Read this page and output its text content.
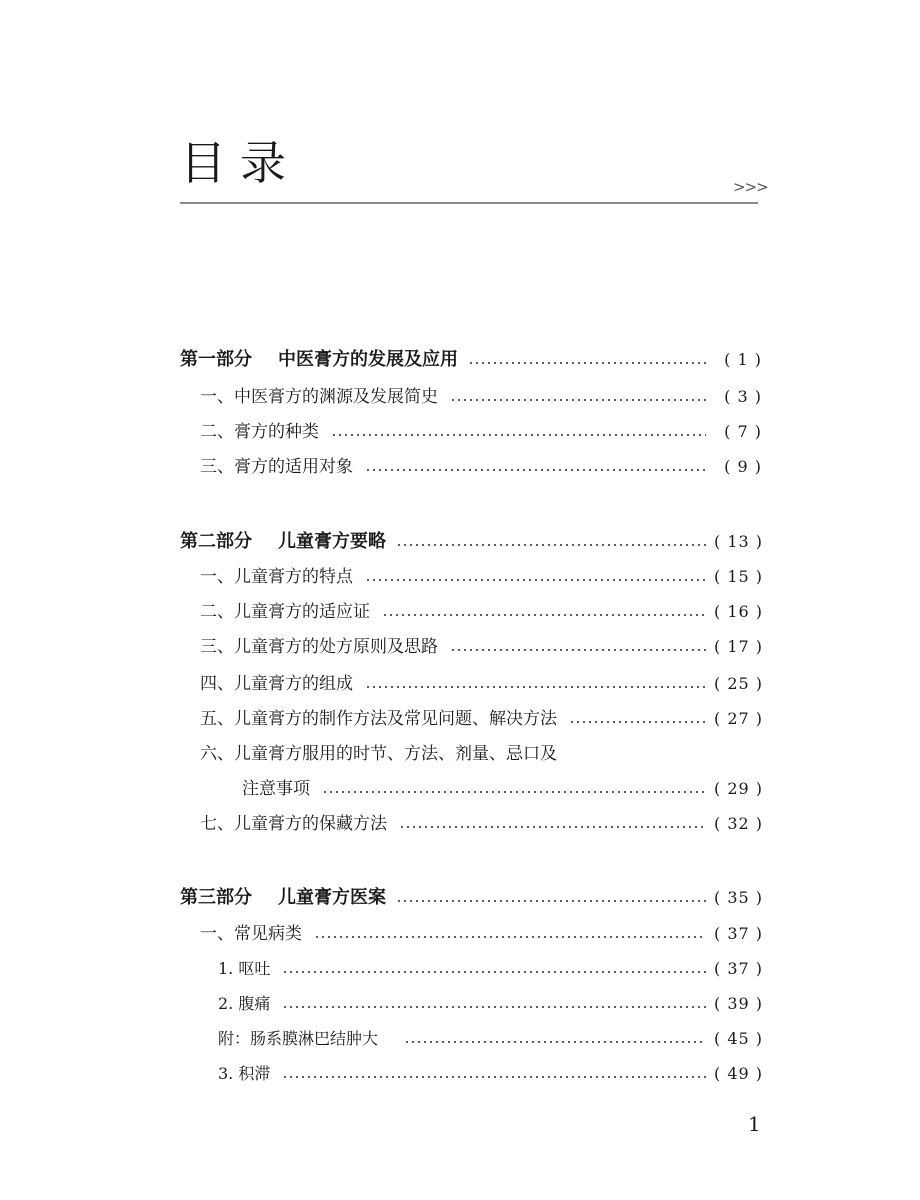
目录	>>>
第一部分 中医膏方的发展及应用	( 1 )
一、中医膏方的渊源及发展简史	( 3 )
二、膏方的种类	( 7 )
三、膏方的适用对象	( 9 )
第二部分 儿童膏方要略	( 13 )
一、儿童膏方的特点	( 15 )
二、儿童膏方的适应证	( 16 )
三、儿童膏方的处方原则及思路	( 17 )
四、儿童膏方的组成	( 25 )
五、儿童膏方的制作方法及常见问题、解决方法	( 27 )
六、儿童膏方服用的时节、方法、剂量、忌口及
注意事项	( 29 )
七、儿童膏方的保藏方法	( 32 )
第三部分 儿童膏方医案	( 35 )
一、常见病类	( 37 )
1. 呕吐	( 37 )
2. 腹痛	( 39 )
附：肠系膜淋巴结肿大	( 45 )
3. 积滞	( 49 )
1
